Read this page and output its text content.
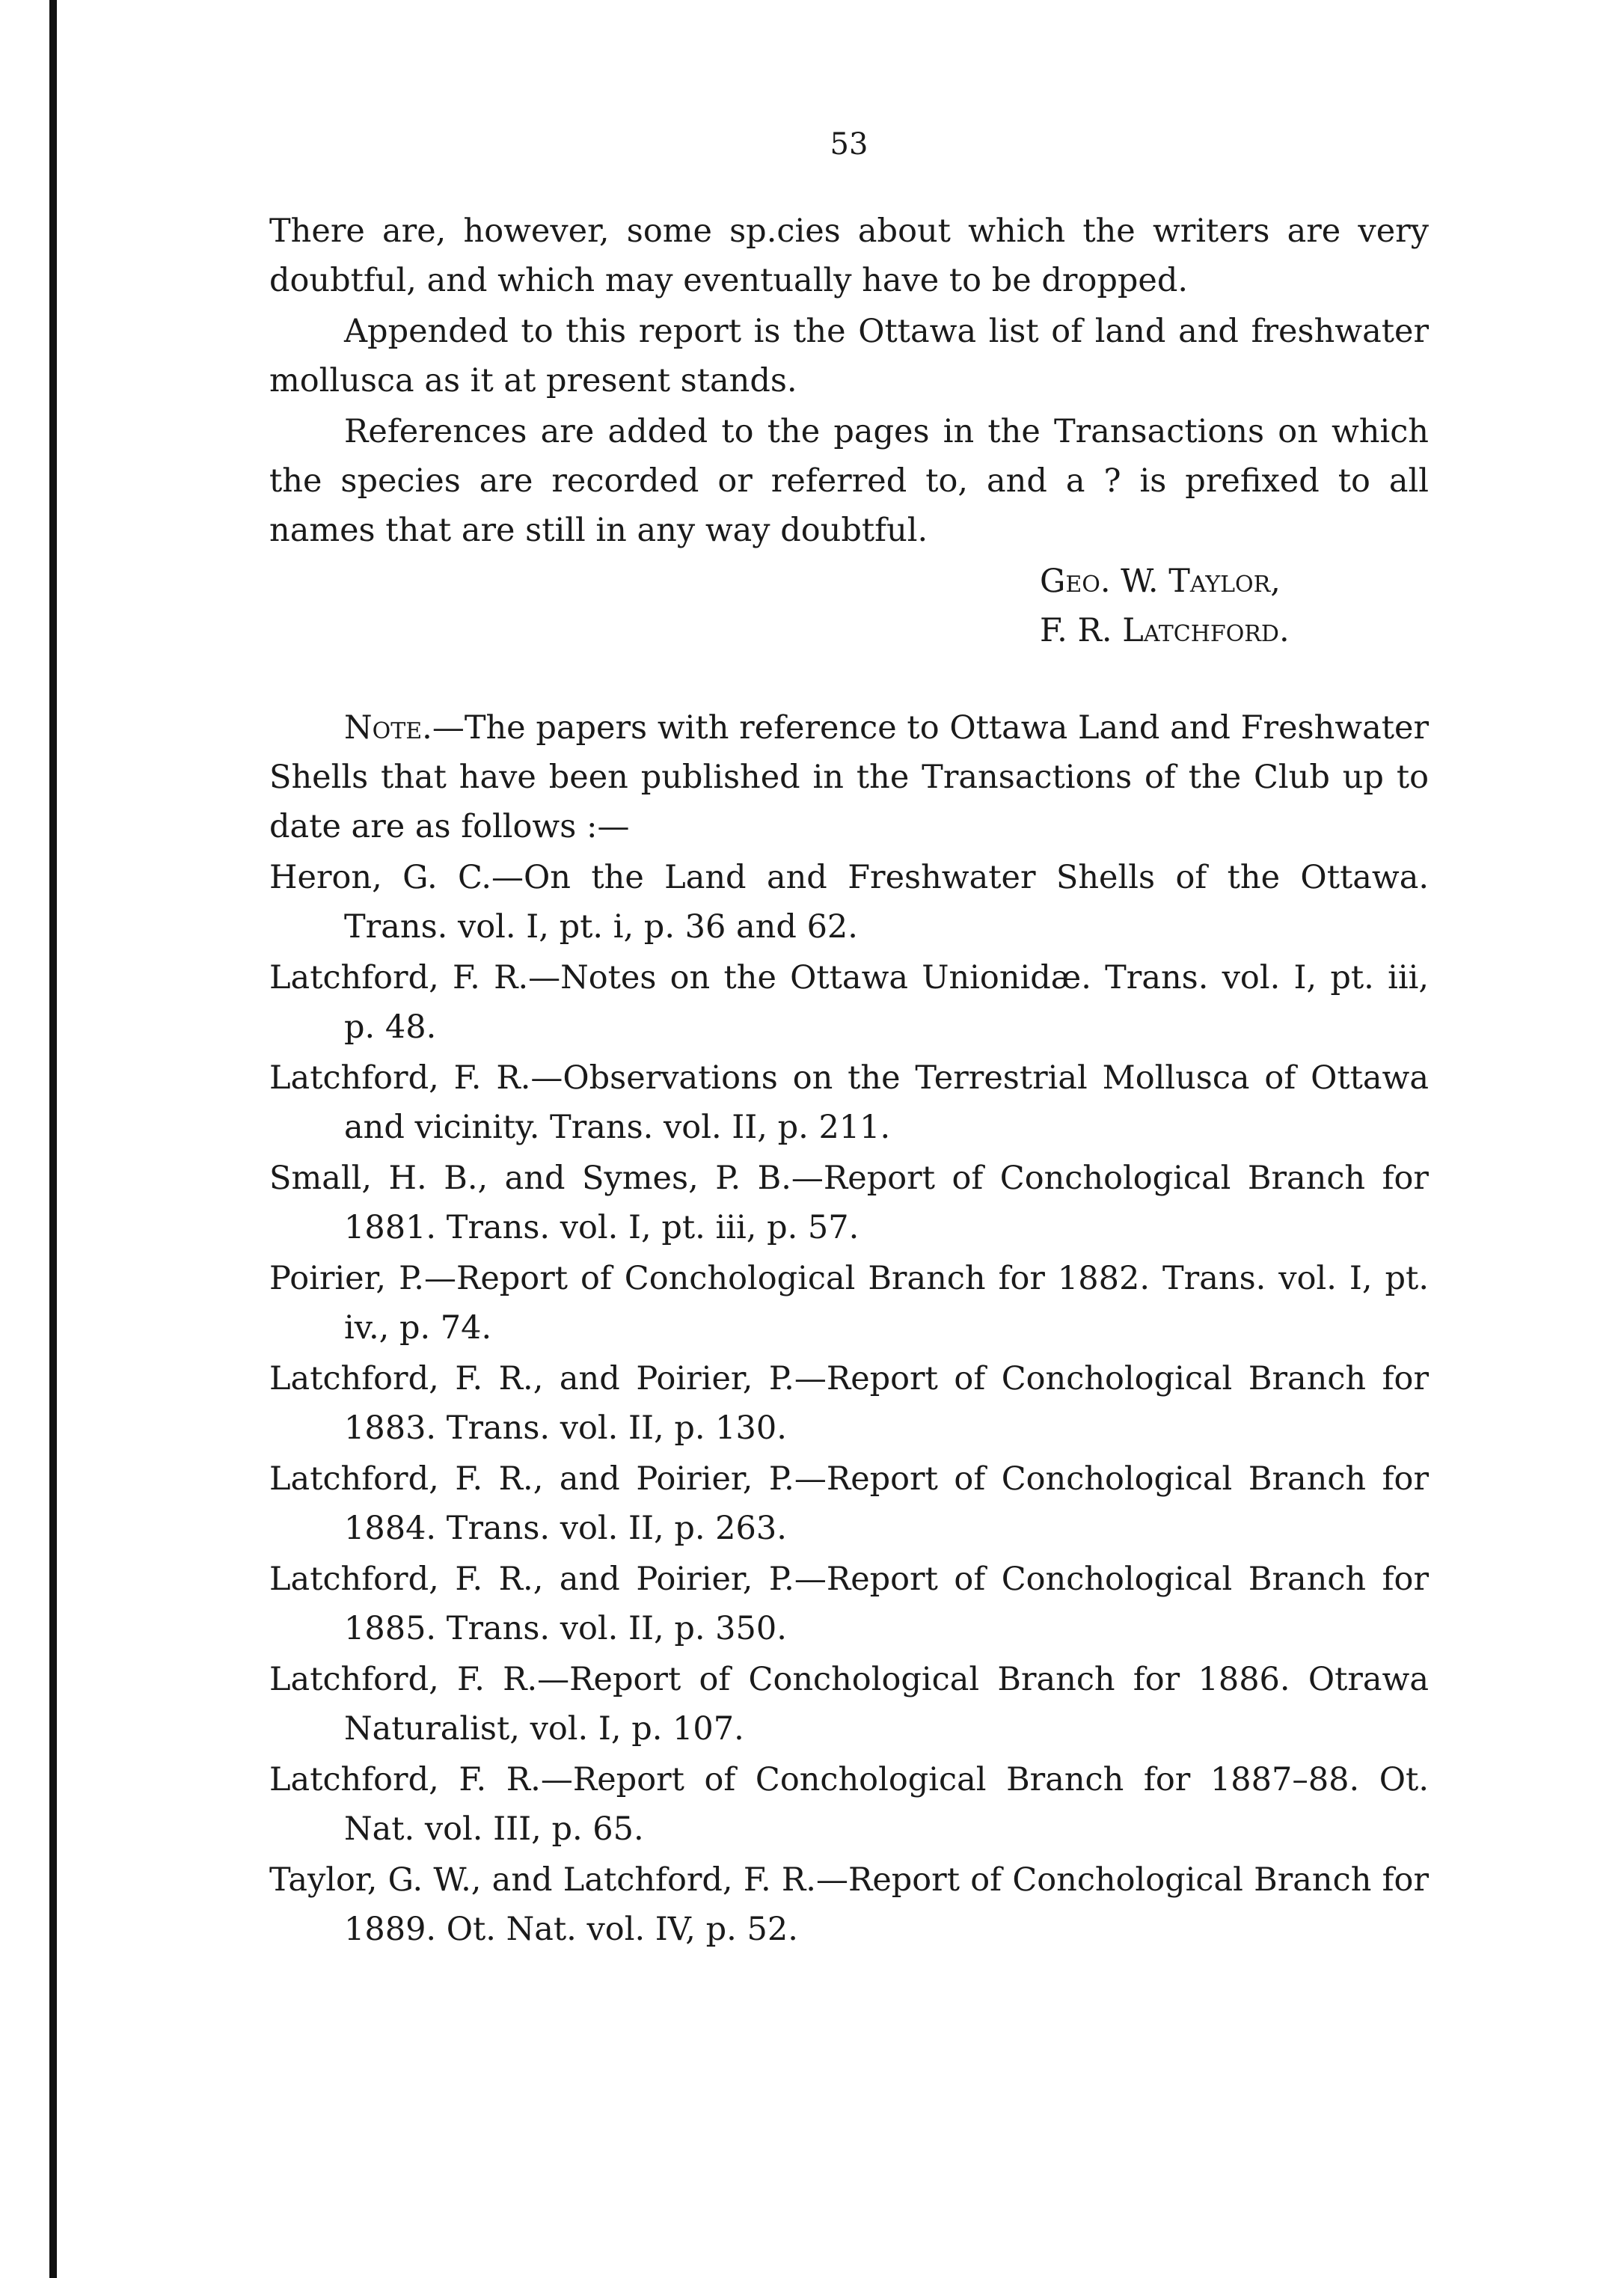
53

There are, however, some sp.cies about which the writers are very doubtful, and which may eventually have to be dropped.

Appended to this report is the Ottawa list of land and freshwater mollusca as it at present stands.

References are added to the pages in the Transactions on which the species are recorded or referred to, and a ? is prefixed to all names that are still in any way doubtful.

Geo. W. Taylor,
F. R. Latchford.

Note.—The papers with reference to Ottawa Land and Freshwater Shells that have been published in the Transactions of the Club up to date are as follows :—

Heron, G. C.—On the Land and Freshwater Shells of the Ottawa. Trans. vol. I, pt. i, p. 36 and 62.

Latchford, F. R.—Notes on the Ottawa Unionidæ. Trans. vol. I, pt. iii, p. 48.

Latchford, F. R.—Observations on the Terrestrial Mollusca of Ottawa and vicinity. Trans. vol. II, p. 211.

Small, H. B., and Symes, P. B.—Report of Conchological Branch for 1881. Trans. vol. I, pt. iii, p. 57.

Poirier, P.—Report of Conchological Branch for 1882. Trans. vol. I, pt. iv., p. 74.

Latchford, F. R., and Poirier, P.—Report of Conchological Branch for 1883. Trans. vol. II, p. 130.

Latchford, F. R., and Poirier, P.—Report of Conchological Branch for 1884. Trans. vol. II, p. 263.

Latchford, F. R., and Poirier, P.—Report of Conchological Branch for 1885. Trans. vol. II, p. 350.

Latchford, F. R.—Report of Conchological Branch for 1886. Otrawa Naturalist, vol. I, p. 107.

Latchford, F. R.—Report of Conchological Branch for 1887–88. Ot. Nat. vol. III, p. 65.

Taylor, G. W., and Latchford, F. R.—Report of Conchological Branch for 1889. Ot. Nat. vol. IV, p. 52.
